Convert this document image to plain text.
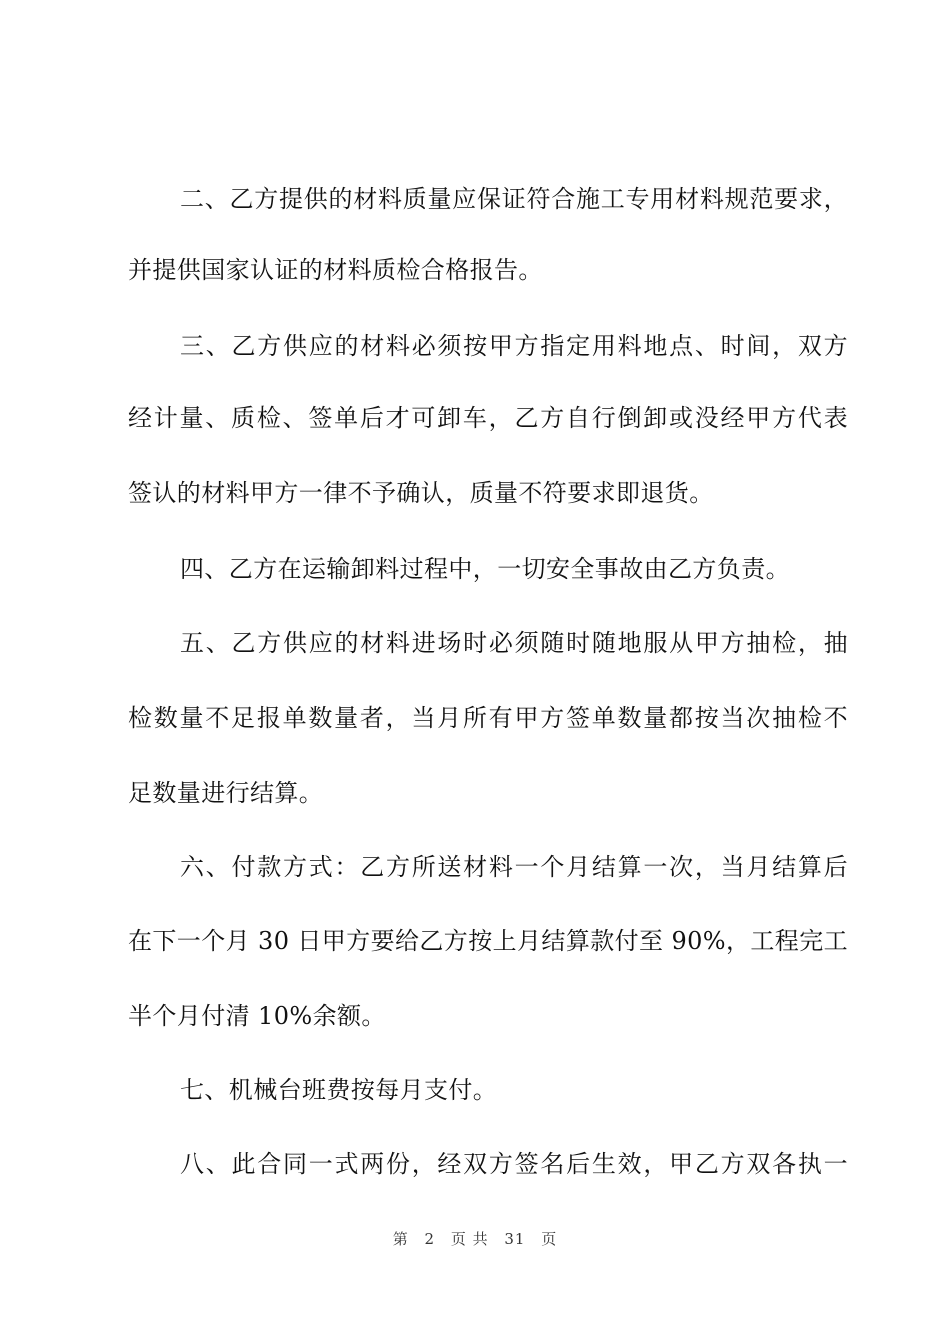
二、乙方提供的材料质量应保证符合施工专用材料规范要求，
并提供国家认证的材料质检合格报告。
三、乙方供应的材料必须按甲方指定用料地点、时间，双方
经计量、质检、签单后才可卸车，乙方自行倒卸或没经甲方代表
签认的材料甲方一律不予确认，质量不符要求即退货。
四、乙方在运输卸料过程中，一切安全事故由乙方负责。
五、乙方供应的材料进场时必须随时随地服从甲方抽检，抽
检数量不足报单数量者，当月所有甲方签单数量都按当次抽检不
足数量进行结算。
六、付款方式：乙方所送材料一个月结算一次，当月结算后
在下一个月 30 日甲方要给乙方按上月结算款付至 90%，工程完工
半个月付清 10%余额。
七、机械台班费按每月支付。
八、此合同一式两份，经双方签名后生效，甲乙方双各执一
第 2 页 共 31 页
